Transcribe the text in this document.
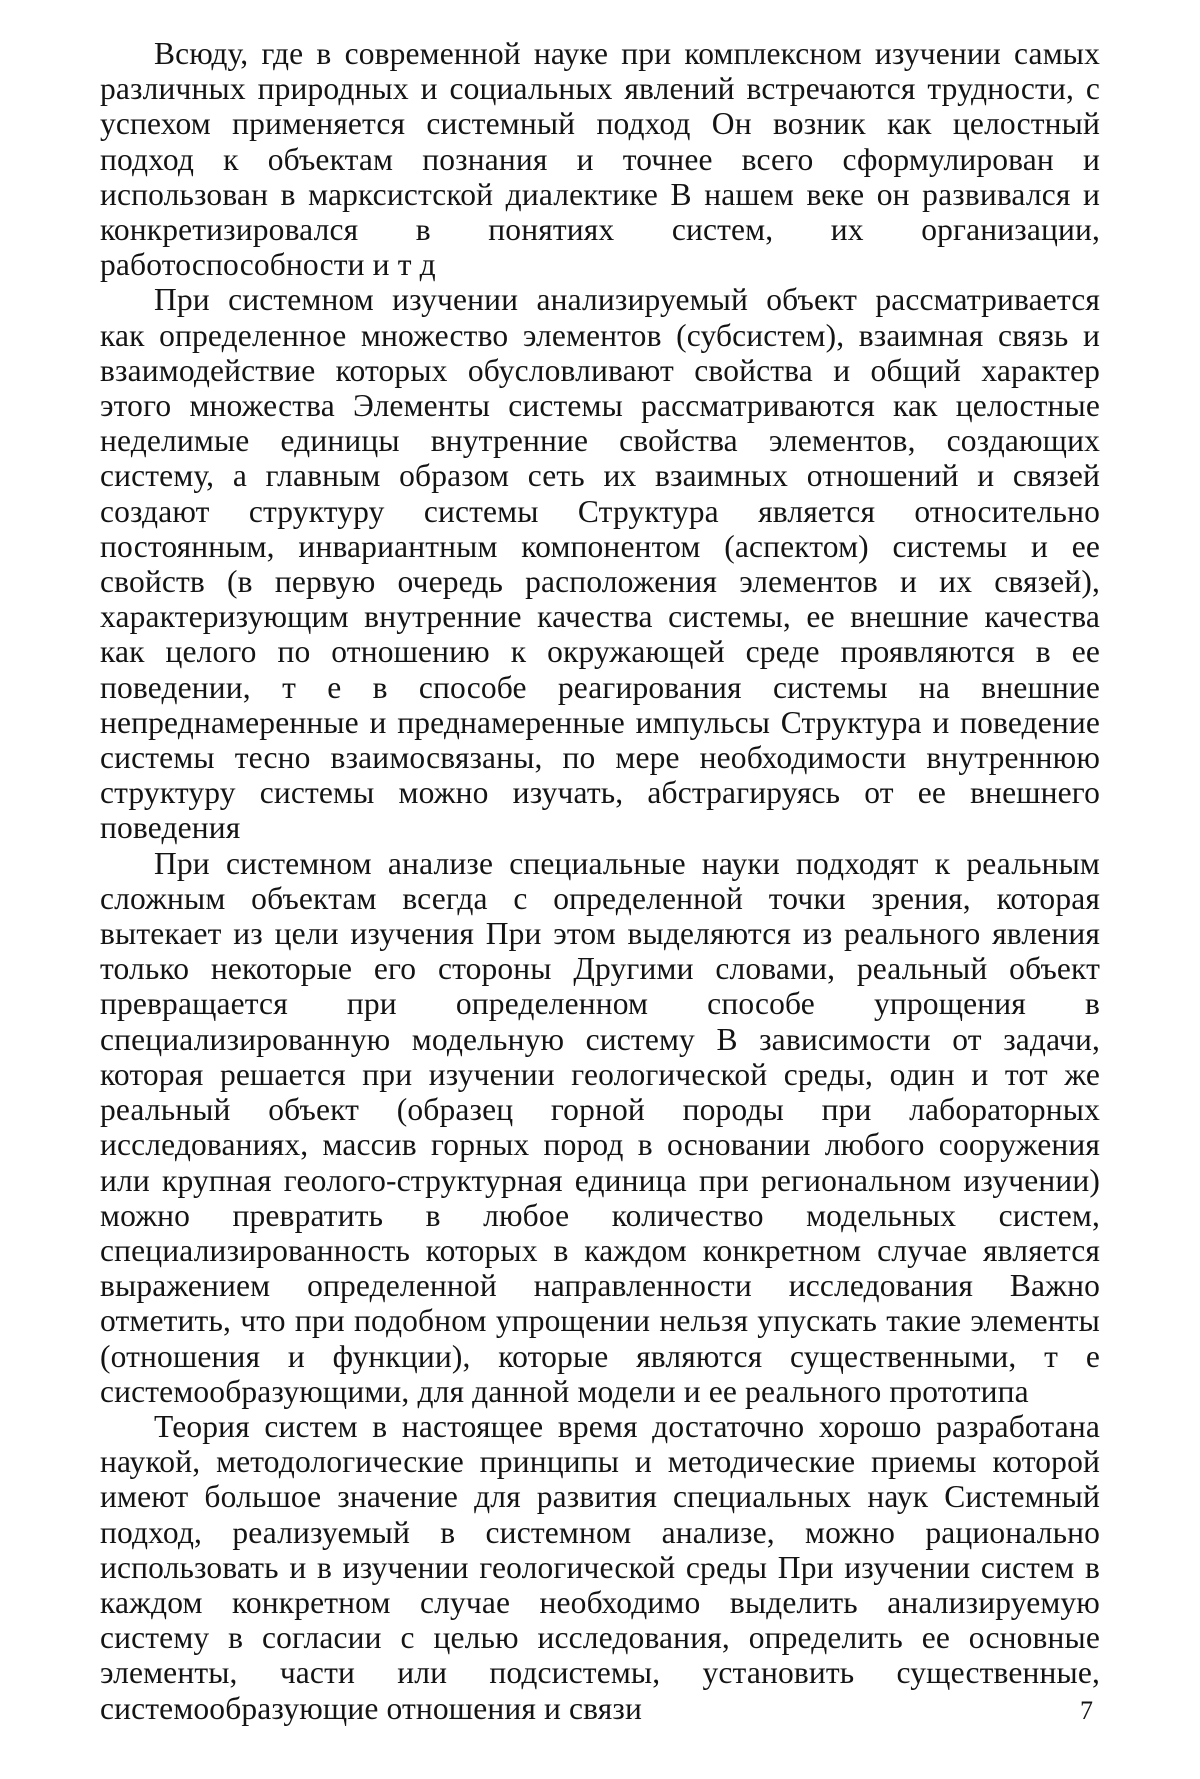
Всюду, где в современной науке при комплексном изучении самых различных природных и социальных явлений встречаются трудности, с успехом применяется системный подход Он возник как целостный подход к объектам познания и точнее всего сформулирован и использован в марксистской диалектике В нашем веке он развивался и конкретизировался в понятиях систем, их организации, работоспособности и т д

При системном изучении анализируемый объект рассматривается как определенное множество элементов (субсистем), взаимная связь и взаимодействие которых обусловливают свойства и общий характер этого множества Элементы системы рассматриваются как целостные неделимые единицы внутренние свойства элементов, создающих систему, а главным образом сеть их взаимных отношений и связей создают структуру системы Структура является относительно постоянным, инвариантным компонентом (аспектом) системы и ее свойств (в первую очередь расположения элементов и их связей), характеризующим внутренние качества системы, ее внешние качества как целого по отношению к окружающей среде проявляются в ее поведении, т е в способе реагирования системы на внешние непреднамеренные и преднамеренные импульсы Структура и поведение системы тесно взаимосвязаны, по мере необходимости внутреннюю структуру системы можно изучать, абстрагируясь от ее внешнего поведения

При системном анализе специальные науки подходят к реальным сложным объектам всегда с определенной точки зрения, которая вытекает из цели изучения При этом выделяются из реального явления только некоторые его стороны Другими словами, реальный объект превращается при определенном способе упрощения в специализированную модельную систему В зависимости от задачи, которая решается при изучении геологической среды, один и тот же реальный объект (образец горной породы при лабораторных исследованиях, массив горных пород в основании любого сооружения или крупная геолого-структурная единица при региональном изучении) можно превратить в любое количество модельных систем, специализированность которых в каждом конкретном случае является выражением определенной направленности исследования Важно отметить, что при подобном упрощении нельзя упускать такие элементы (отношения и функции), которые являются существенными, т е системообразующими, для данной модели и ее реального прототипа

Теория систем в настоящее время достаточно хорошо разработана наукой, методологические принципы и методические приемы которой имеют большое значение для развития специальных наук Системный подход, реализуемый в системном анализе, можно рационально использовать и в изучении геологической среды При изучении систем в каждом конкретном случае необходимо выделить анализируемую систему в согласии с целью исследования, определить ее основные элементы, части или подсистемы, установить существенные, системообразующие отношения и связи	7
